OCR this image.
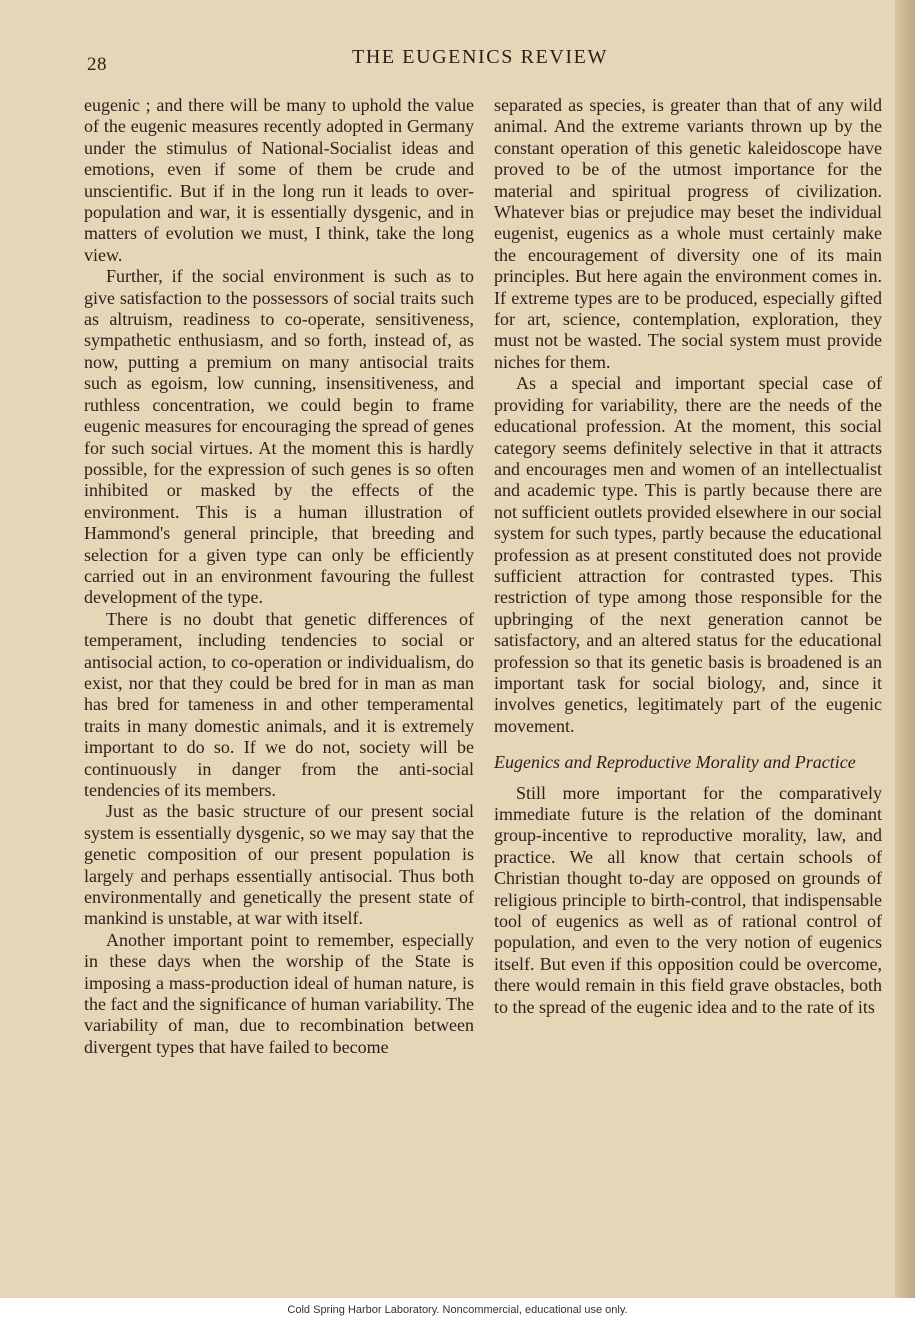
28	THE EUGENICS REVIEW

eugenic ; and there will be many to uphold the value of the eugenic measures recently adopted in Germany under the stimulus of National-Socialist ideas and emotions, even if some of them be crude and unscientific. But if in the long run it leads to over-population and war, it is essentially dysgenic, and in matters of evolution we must, I think, take the long view.

Further, if the social environment is such as to give satisfaction to the possessors of social traits such as altruism, readiness to co-operate, sensitiveness, sympathetic enthusiasm, and so forth, instead of, as now, putting a premium on many antisocial traits such as egoism, low cunning, insensitiveness, and ruthless concentration, we could begin to frame eugenic measures for encouraging the spread of genes for such social virtues. At the moment this is hardly possible, for the expression of such genes is so often inhibited or masked by the effects of the environment. This is a human illustration of Hammond's general principle, that breeding and selection for a given type can only be efficiently carried out in an environment favouring the fullest development of the type.

There is no doubt that genetic differences of temperament, including tendencies to social or antisocial action, to co-operation or individualism, do exist, nor that they could be bred for in man as man has bred for tameness in and other temperamental traits in many domestic animals, and it is extremely important to do so. If we do not, society will be continuously in danger from the anti-social tendencies of its members.

Just as the basic structure of our present social system is essentially dysgenic, so we may say that the genetic composition of our present population is largely and perhaps essentially antisocial. Thus both environmentally and genetically the present state of mankind is unstable, at war with itself.

Another important point to remember, especially in these days when the worship of the State is imposing a mass-production ideal of human nature, is the fact and the significance of human variability. The variability of man, due to recombination between divergent types that have failed to become

separated as species, is greater than that of any wild animal. And the extreme variants thrown up by the constant operation of this genetic kaleidoscope have proved to be of the utmost importance for the material and spiritual progress of civilization. Whatever bias or prejudice may beset the individual eugenist, eugenics as a whole must certainly make the encouragement of diversity one of its main principles. But here again the environment comes in. If extreme types are to be produced, especially gifted for art, science, contemplation, exploration, they must not be wasted. The social system must provide niches for them.

As a special and important special case of providing for variability, there are the needs of the educational profession. At the moment, this social category seems definitely selective in that it attracts and encourages men and women of an intellectualist and academic type. This is partly because there are not sufficient outlets provided elsewhere in our social system for such types, partly because the educational profession as at present constituted does not provide sufficient attraction for contrasted types. This restriction of type among those responsible for the upbringing of the next generation cannot be satisfactory, and an altered status for the educational profession so that its genetic basis is broadened is an important task for social biology, and, since it involves genetics, legitimately part of the eugenic movement.

Eugenics and Reproductive Morality and Practice

Still more important for the comparatively immediate future is the relation of the dominant group-incentive to reproductive morality, law, and practice. We all know that certain schools of Christian thought to-day are opposed on grounds of religious principle to birth-control, that indispensable tool of eugenics as well as of rational control of population, and even to the very notion of eugenics itself. But even if this opposition could be overcome, there would remain in this field grave obstacles, both to the spread of the eugenic idea and to the rate of its

Cold Spring Harbor Laboratory. Noncommercial, educational use only.
